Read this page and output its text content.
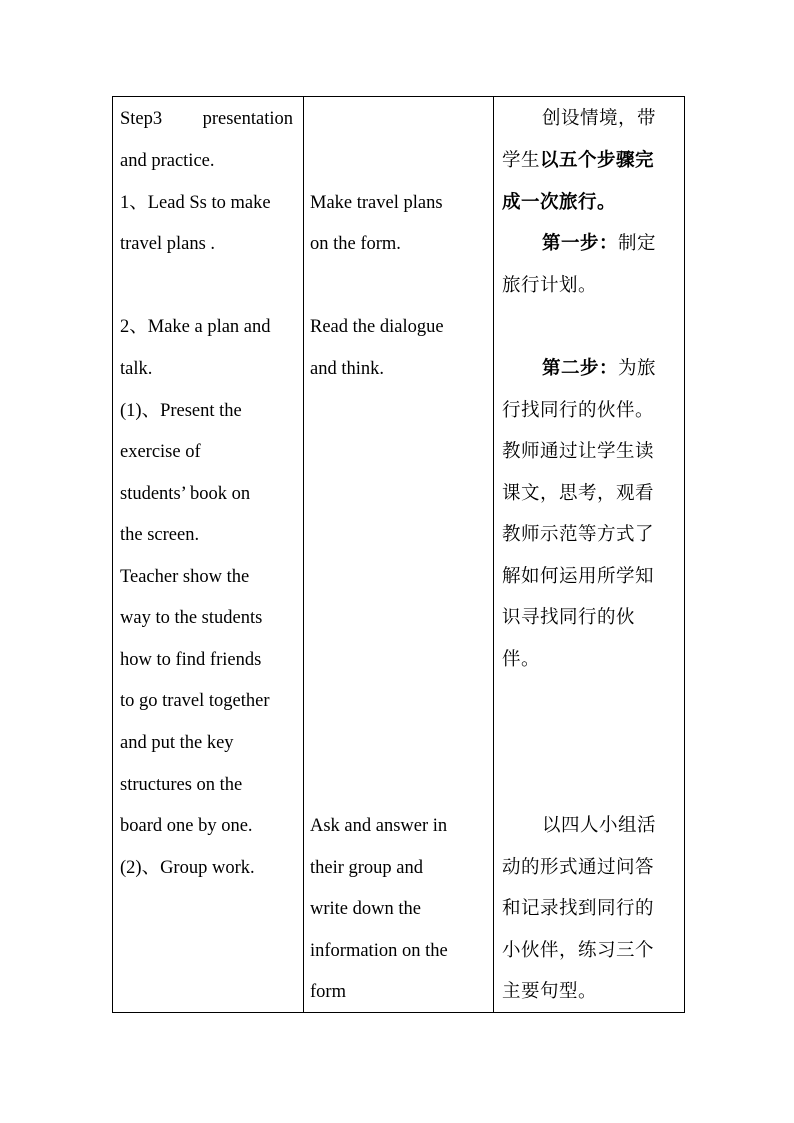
Step3 presentation
and practice.
1、Lead Ss to make
travel plans .
2、Make a plan and
talk.
(1)、Present the
exercise of
students’ book on
the screen.
Teacher show the
way to the students
how to find friends
to go travel together
and put the key
structures on the
board one by one.
(2)、Group work.

Make travel plans
on the form.
Read the dialogue
and think.
Ask and answer in
their group and
write down the
information on the
form

创设情境，带
学生以五个步骤完
成一次旅行。
第一步：制定
旅行计划。
第二步：为旅
行找同行的伙伴。
教师通过让学生读
课文，思考，观看
教师示范等方式了
解如何运用所学知
识寻找同行的伙
伴。
以四人小组活
动的形式通过问答
和记录找到同行的
小伙伴，练习三个
主要句型。
